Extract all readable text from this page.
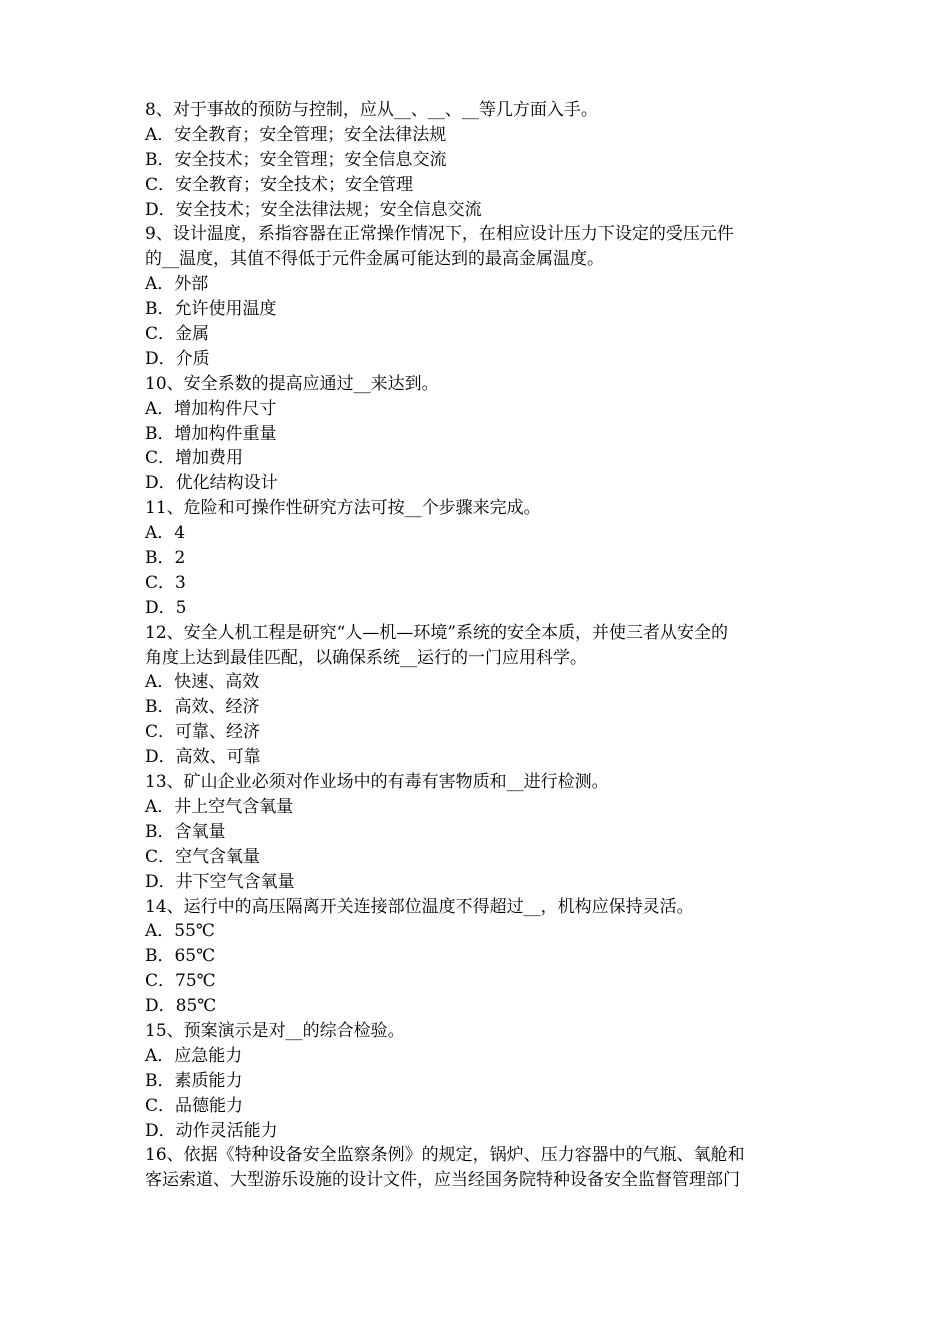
8、对于事故的预防与控制，应从__、__、__等几方面入手。

A．安全教育；安全管理；安全法律法规

B．安全技术；安全管理；安全信息交流

C．安全教育；安全技术；安全管理

D．安全技术；安全法律法规；安全信息交流

9、设计温度，系指容器在正常操作情况下，在相应设计压力下设定的受压元件

的__温度，其值不得低于元件金属可能达到的最高金属温度。

A．外部

B．允许使用温度

C．金属

D．介质

10、安全系数的提高应通过__来达到。

A．增加构件尺寸

B．增加构件重量

C．增加费用

D．优化结构设计

11、危险和可操作性研究方法可按__个步骤来完成。

A．4

B．2

C．3

D．5

12、安全人机工程是研究“人—机—环境”系统的安全本质，并使三者从安全的

角度上达到最佳匹配，以确保系统__运行的一门应用科学。

A．快速、高效

B．高效、经济

C．可靠、经济

D．高效、可靠

13、矿山企业必须对作业场中的有毒有害物质和__进行检测。

A．井上空气含氧量

B．含氧量

C．空气含氧量

D．井下空气含氧量

14、运行中的高压隔离开关连接部位温度不得超过__，机构应保持灵活。

A．55℃

B．65℃

C．75℃

D．85℃

15、预案演示是对__的综合检验。

A．应急能力

B．素质能力

C．品德能力

D．动作灵活能力

16、依据《特种设备安全监察条例》的规定，锅炉、压力容器中的气瓶、氧舱和

客运索道、大型游乐设施的设计文件，应当经国务院特种设备安全监督管理部门
